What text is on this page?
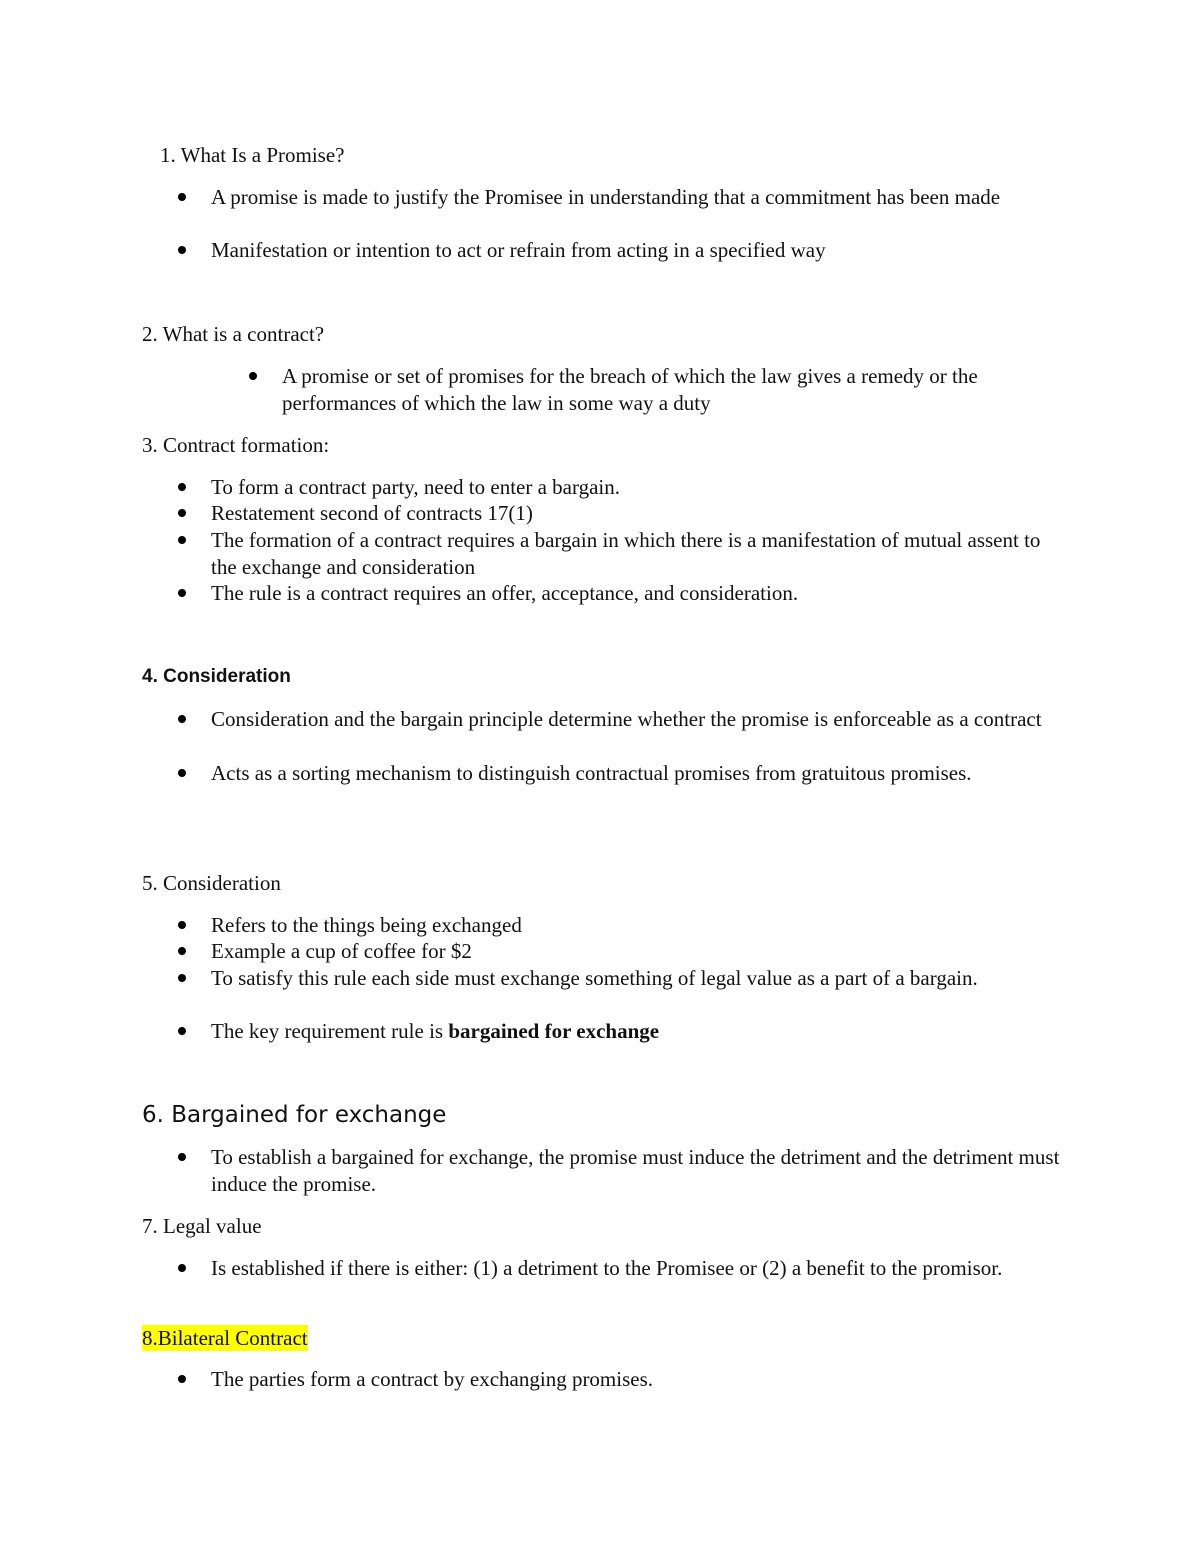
1. What Is a Promise?
A promise is made to justify the Promisee in understanding that a commitment has been made
Manifestation or intention to act or refrain from acting in a specified way
2. What is a contract?
A promise or set of promises for the breach of which the law gives a remedy or the performances of which the law in some way a duty
3. Contract formation:
To form a contract party, need to enter a bargain.
Restatement second of contracts 17(1)
The formation of a contract requires a bargain in which there is a manifestation of mutual assent to the exchange and consideration
The rule is a contract requires an offer, acceptance, and consideration.
4. Consideration
Consideration and the bargain principle determine whether the promise is enforceable as a contract
Acts as a sorting mechanism to distinguish contractual promises from gratuitous promises.
5. Consideration
Refers to the things being exchanged
Example a cup of coffee for $2
To satisfy this rule each side must exchange something of legal value as a part of a bargain.
The key requirement rule is bargained for exchange
6. Bargained for exchange
To establish a bargained for exchange, the promise must induce the detriment and the detriment must induce the promise.
7. Legal value
Is established if there is either: (1) a detriment to the Promisee or (2) a benefit to the promisor.
8.Bilateral Contract
The parties form a contract by exchanging promises.
